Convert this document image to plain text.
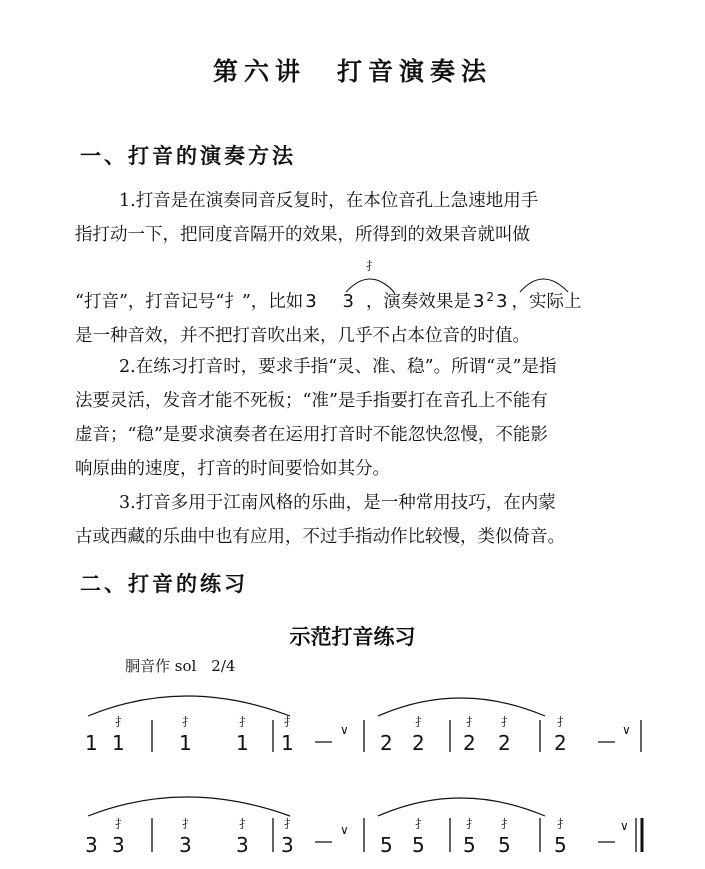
第六讲　打音演奏法
一、打音的演奏方法
1.打音是在演奏同音反复时，在本位音孔上急速地用手
指打动一下，把同度音隔开的效果，所得到的效果音就叫做
“打音”，打音记号“扌”，比如 3 3 ，演奏效果是 $3^23$ ，实际上
是一种音效，并不把打音吹出来，几乎不占本位音的时值。
2.在练习打音时，要求手指“灵、准、稳”。所谓“灵”是指
法要灵活，发音才能不死板；“准”是手指要打在音孔上不能有
虚音；“稳”是要求演奏者在运用打音时不能忽快忽慢，不能影
响原曲的速度，打音的时间要恰如其分。
3.打音多用于江南风格的乐曲，是一种常用技巧，在内蒙
古或西藏的乐曲中也有应用，不过手指动作比较慢，类似倚音。
二、打音的练习
示范打音练习
胴音作 sol　2/4
∨	∨
1 1	1 1 1	2 2 2 2 2
扌	扌	扌	扌	扌	扌 扌	扌
∨	∨
3 3	3 3 3	5 5 5 5 5
扌	扌	扌	扌	扌	扌 扌	扌
扌
